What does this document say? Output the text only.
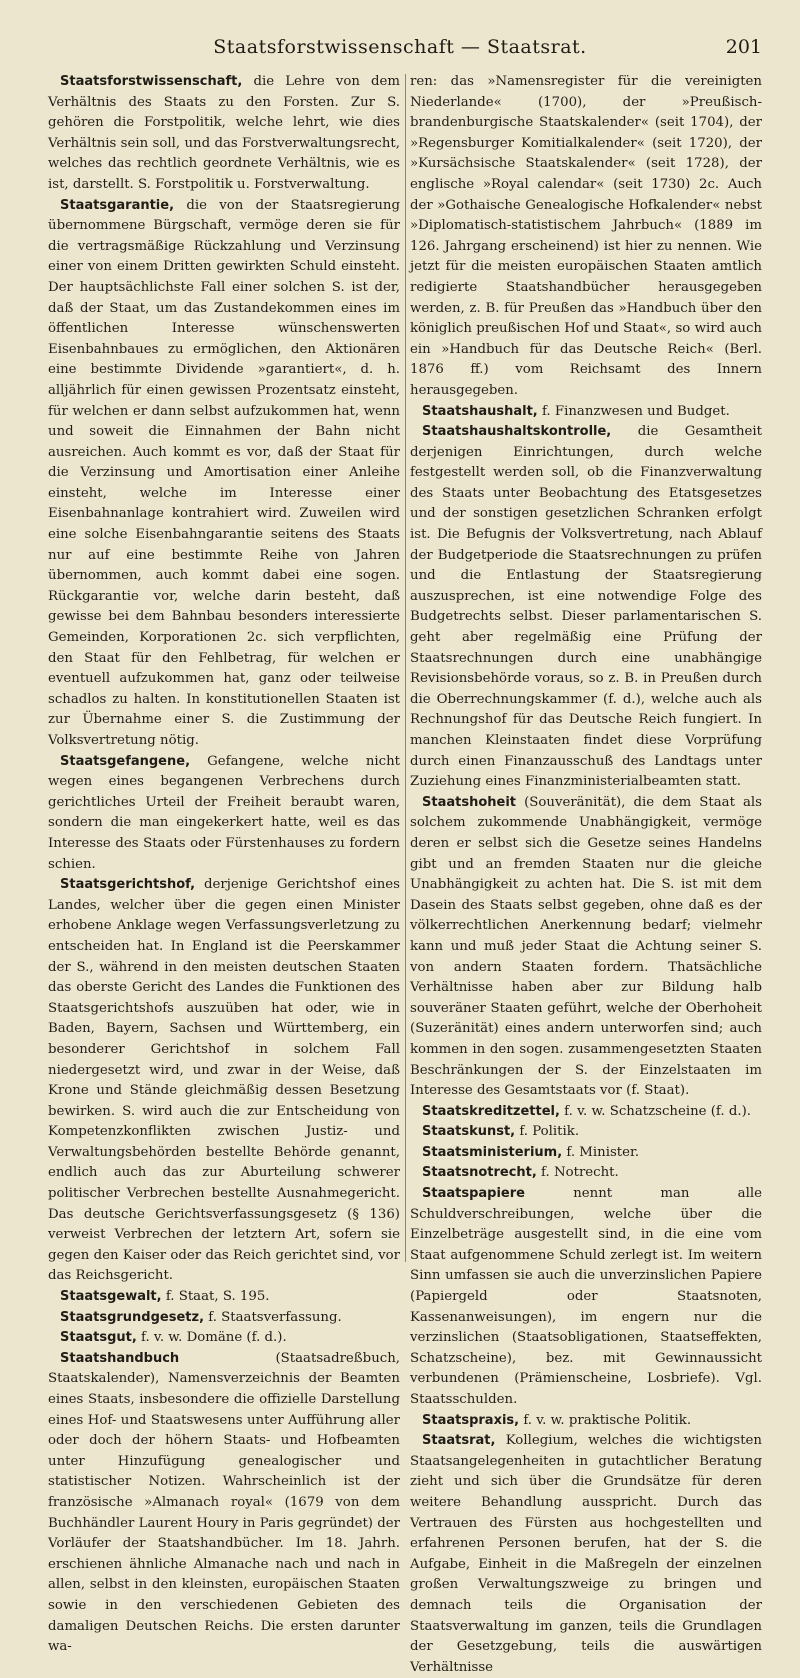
Staatsforstwissenschaft — Staatsrat.	201

Staatsforstwissenschaft, die Lehre von dem Verhältnis des Staats zu den Forsten. Zur S. gehören die Forstpolitik, welche lehrt, wie dies Verhältnis sein soll, und das Forstverwaltungsrecht, welches das rechtlich geordnete Verhältnis, wie es ist, darstellt. S. Forstpolitik u. Forstverwaltung.

Staatsgarantie, die von der Staatsregierung übernommene Bürgschaft, vermöge deren sie für die vertragsmäßige Rückzahlung und Verzinsung einer von einem Dritten gewirkten Schuld einsteht. Der hauptsächlichste Fall einer solchen S. ist der, daß der Staat, um das Zustandekommen eines im öffentlichen Interesse wünschenswerten Eisenbahnbaues zu ermöglichen, den Aktionären eine bestimmte Dividende »garantiert«, d. h. alljährlich für einen gewissen Prozentsatz einsteht, für welchen er dann selbst aufzukommen hat, wenn und soweit die Einnahmen der Bahn nicht ausreichen. Auch kommt es vor, daß der Staat für die Verzinsung und Amortisation einer Anleihe einsteht, welche im Interesse einer Eisenbahnanlage kontrahiert wird. Zuweilen wird eine solche Eisenbahngarantie seitens des Staats nur auf eine bestimmte Reihe von Jahren übernommen, auch kommt dabei eine sogen. Rückgarantie vor, welche darin besteht, daß gewisse bei dem Bahnbau besonders interessierte Gemeinden, Korporationen 2c. sich verpflichten, den Staat für den Fehlbetrag, für welchen er eventuell aufzukommen hat, ganz oder teilweise schadlos zu halten. In konstitutionellen Staaten ist zur Übernahme einer S. die Zustimmung der Volksvertretung nötig.

Staatsgefangene, Gefangene, welche nicht wegen eines begangenen Verbrechens durch gerichtliches Urteil der Freiheit beraubt waren, sondern die man eingekerkert hatte, weil es das Interesse des Staats oder Fürstenhauses zu fordern schien.

Staatsgerichtshof, derjenige Gerichtshof eines Landes, welcher über die gegen einen Minister erhobene Anklage wegen Verfassungsverletzung zu entscheiden hat. In England ist die Peerskammer der S., während in den meisten deutschen Staaten das oberste Gericht des Landes die Funktionen des Staatsgerichtshofs auszuüben hat oder, wie in Baden, Bayern, Sachsen und Württemberg, ein besonderer Gerichtshof in solchem Fall niedergesetzt wird, und zwar in der Weise, daß Krone und Stände gleichmäßig dessen Besetzung bewirken. S. wird auch die zur Entscheidung von Kompetenzkonflikten zwischen Justiz- und Verwaltungsbehörden bestellte Behörde genannt, endlich auch das zur Aburteilung schwerer politischer Verbrechen bestellte Ausnahmegericht. Das deutsche Gerichtsverfassungsgesetz (§ 136) verweist Verbrechen der letztern Art, sofern sie gegen den Kaiser oder das Reich gerichtet sind, vor das Reichsgericht.

Staatsgewalt, f. Staat, S. 195.

Staatsgrundgesetz, f. Staatsverfassung.

Staatsgut, f. v. w. Domäne (f. d.).

Staatshandbuch (Staatsadreßbuch, Staatskalender), Namensverzeichnis der Beamten eines Staats, insbesondere die offizielle Darstellung eines Hof- und Staatswesens unter Aufführung aller oder doch der höhern Staats- und Hofbeamten unter Hinzufügung genealogischer und statistischer Notizen. Wahrscheinlich ist der französische »Almanach royal« (1679 von dem Buchhändler Laurent Houry in Paris gegründet) der Vorläufer der Staatshandbücher. Im 18. Jahrh. erschienen ähnliche Almanache nach und nach in allen, selbst in den kleinsten, europäischen Staaten sowie in den verschiedenen Gebieten des damaligen Deutschen Reichs. Die ersten darunter wa-

ren: das »Namensregister für die vereinigten Niederlande« (1700), der »Preußisch-brandenburgische Staatskalender« (seit 1704), der »Regensburger Komitialkalender« (seit 1720), der »Kursächsische Staatskalender« (seit 1728), der englische »Royal calendar« (seit 1730) 2c. Auch der »Gothaische Genealogische Hofkalender« nebst »Diplomatisch-statistischem Jahrbuch« (1889 im 126. Jahrgang erscheinend) ist hier zu nennen. Wie jetzt für die meisten europäischen Staaten amtlich redigierte Staatshandbücher herausgegeben werden, z. B. für Preußen das »Handbuch über den königlich preußischen Hof und Staat«, so wird auch ein »Handbuch für das Deutsche Reich« (Berl. 1876 ff.) vom Reichsamt des Innern herausgegeben.

Staatshaushalt, f. Finanzwesen und Budget.

Staatshaushaltskontrolle, die Gesamtheit derjenigen Einrichtungen, durch welche festgestellt werden soll, ob die Finanzverwaltung des Staats unter Beobachtung des Etatsgesetzes und der sonstigen gesetzlichen Schranken erfolgt ist. Die Befugnis der Volksvertretung, nach Ablauf der Budgetperiode die Staatsrechnungen zu prüfen und die Entlastung der Staatsregierung auszusprechen, ist eine notwendige Folge des Budgetrechts selbst. Dieser parlamentarischen S. geht aber regelmäßig eine Prüfung der Staatsrechnungen durch eine unabhängige Revisionsbehörde voraus, so z. B. in Preußen durch die Oberrechnungskammer (f. d.), welche auch als Rechnungshof für das Deutsche Reich fungiert. In manchen Kleinstaaten findet diese Vorprüfung durch einen Finanzausschuß des Landtags unter Zuziehung eines Finanzministerialbeamten statt.

Staatshoheit (Souveränität), die dem Staat als solchem zukommende Unabhängigkeit, vermöge deren er selbst sich die Gesetze seines Handelns gibt und an fremden Staaten nur die gleiche Unabhängigkeit zu achten hat. Die S. ist mit dem Dasein des Staats selbst gegeben, ohne daß es der völkerrechtlichen Anerkennung bedarf; vielmehr kann und muß jeder Staat die Achtung seiner S. von andern Staaten fordern. Thatsächliche Verhältnisse haben aber zur Bildung halb souveräner Staaten geführt, welche der Oberhoheit (Suzeränität) eines andern unterworfen sind; auch kommen in den sogen. zusammengesetzten Staaten Beschränkungen der S. der Einzelstaaten im Interesse des Gesamtstaats vor (f. Staat).

Staatskreditzettel, f. v. w. Schatzscheine (f. d.).

Staatskunst, f. Politik.

Staatsministerium, f. Minister.

Staatsnotrecht, f. Notrecht.

Staatspapiere nennt man alle Schuldverschreibungen, welche über die Einzelbeträge ausgestellt sind, in die eine vom Staat aufgenommene Schuld zerlegt ist. Im weitern Sinn umfassen sie auch die unverzinslichen Papiere (Papiergeld oder Staatsnoten, Kassenanweisungen), im engern nur die verzinslichen (Staatsobligationen, Staatseffekten, Schatzscheine), bez. mit Gewinnaussicht verbundenen (Prämienscheine, Losbriefe). Vgl. Staatsschulden.

Staatspraxis, f. v. w. praktische Politik.

Staatsrat, Kollegium, welches die wichtigsten Staatsangelegenheiten in gutachtlicher Beratung zieht und sich über die Grundsätze für deren weitere Behandlung ausspricht. Durch das Vertrauen des Fürsten aus hochgestellten und erfahrenen Personen berufen, hat der S. die Aufgabe, Einheit in die Maßregeln der einzelnen großen Verwaltungszweige zu bringen und demnach teils die Organisation der Staatsverwaltung im ganzen, teils die Grundlagen der Gesetzgebung, teils die auswärtigen Verhältnisse
